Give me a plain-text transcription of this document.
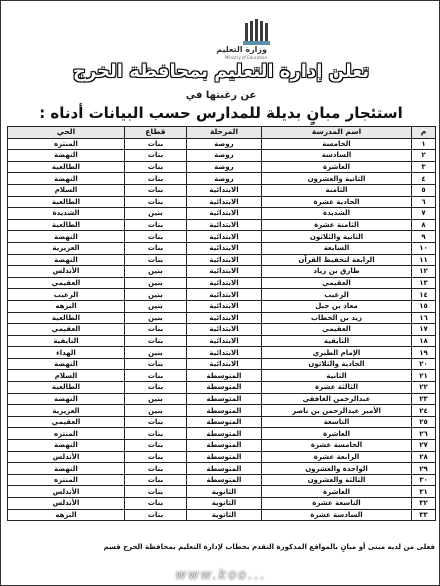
وزارة التعليم
Ministry of Education
تعلن إدارة التعليم بمحافظة الخرج
عن رغبتها في
استئجار مبانٍ بديلة للمدارس حسب البيانات أدناه :
م	اسم المدرسة	المرحلة	قطاع	الحي
١	الخامسة	روضة	بنات	المنتزه
٢	السادسة	روضة	بنات	النهضة
٣	العاشرة	روضة	بنات	الطالعية
٤	الثانية والعشرون	روضة	بنات	النهضة
٥	الثامنة	الابتدائية	بنات	السلام
٦	الحادية عشرة	الابتدائية	بنات	الطالعية
٧	الشديدة	الابتدائية	بنين	الشديدة
٨	الثامنة عشرة	الابتدائية	بنات	الطالعية
٩	الثانية والثلاثون	الابتدائية	بنات	النهضة
١٠	السابعة	الابتدائية	بنات	العزيزية
١١	الرابعة لتحفيظ القرآن	الابتدائية	بنات	النهضة
١٢	طارق بن زياد	الابتدائية	بنين	الأندلس
١٣	العقيمي	الابتدائية	بنين	العقيمي
١٤	الرغيب	الابتدائية	بنين	الرغيب
١٥	معاذ بن جبل	الابتدائية	بنين	النزهه
١٦	زيد بن الخطاب	الابتدائية	بنين	الطالعية
١٧	العقيمي	الابتدائية	بنات	العقيمي
١٨	النايفية	الابتدائية	بنات	النايفية
١٩	الإمام الطبري	الابتدائية	بنين	الهداء
٢٠	الحادية والثلاثون	الابتدائية	بنات	النهضة
٢١	الثانية	المتوسطة	بنات	السلام
٢٢	الثالثة عشرة	المتوسطة	بنات	الطالعية
٢٣	عبدالرحمن الغافقي	المتوسطة	بنين	النهضة
٢٤	الأمير عبدالرحمن بن ناصر	المتوسطة	بنين	العزيزية
٢٥	التاسعة	المتوسطة	بنات	العقيمي
٢٦	العاشرة	المتوسطة	بنات	المنتزه
٢٧	الخامسة عشرة	المتوسطة	بنات	النهضة
٢٨	الرابعة عشرة	المتوسطة	بنات	الأندلس
٢٩	الواحدة والعشرون	المتوسطة	بنات	النهضة
٣٠	الثالثة والعشرون	المتوسطة	بنات	المنتزه
٣١	العاشرة	الثانوية	بنات	الأندلس
٣٢	التاسعة عشرة	الثانوية	بنات	الأندلس
٣٣	السادسة عشرة	الثانوية	بنات	النزهه
فعلى من لديه مبنى أو مبانٍ بالمواقع المذكورة التقدم بخطاب لإدارة التعليم بمحافظة الخرج قسم
www.koo...
